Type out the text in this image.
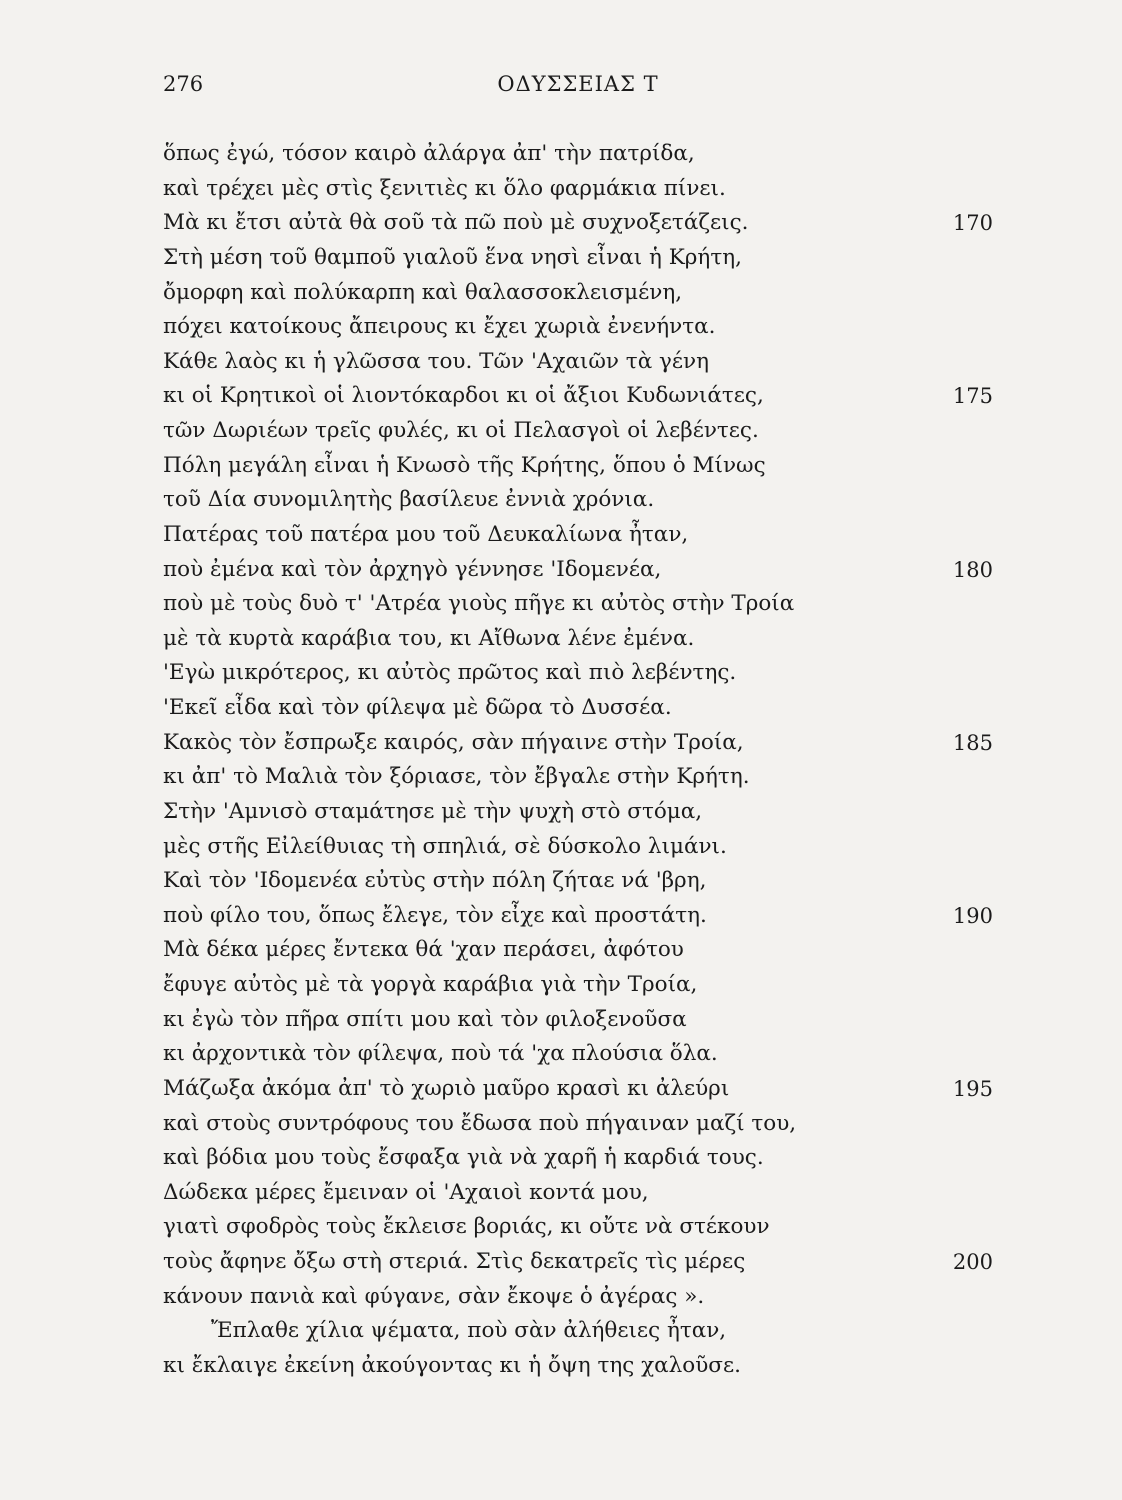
276	ΟΔΥΣΣΕΙΑΣ Τ
ὅπως ἐγώ, τόσον καιρὸ ἀλάργα ἀπ' τὴν πατρίδα,
καὶ τρέχει μὲς στὶς ξενιτιὲς κι ὅλο φαρμάκια πίνει.
Μὰ κι ἔτσι αὐτὰ θὰ σοῦ τὰ πῶ ποὺ μὲ συχνοξετάζεις.	170
Στὴ μέση τοῦ θαμποῦ γιαλοῦ ἕνα νησὶ εἶναι ἡ Κρήτη,
ὄμορφη καὶ πολύκαρπη καὶ θαλασσοκλεισμένη,
πόχει κατοίκους ἄπειρους κι ἔχει χωριὰ ἐνενήντα.
Κάθε λαὸς κι ἡ γλῶσσα του. Τῶν 'Αχαιῶν τὰ γένη
κι οἱ Κρητικοὶ οἱ λιοντόκαρδοι κι οἱ ἄξιοι Κυδωνιάτες,	175
τῶν Δωριέων τρεῖς φυλές, κι οἱ Πελασγοὶ οἱ λεβέντες.
Πόλη μεγάλη εἶναι ἡ Κνωσὸ τῆς Κρήτης, ὅπου ὁ Μίνως
τοῦ Δία συνομιλητὴς βασίλευε ἐννιὰ χρόνια.
Πατέρας τοῦ πατέρα μου τοῦ Δευκαλίωνα ἦταν,
ποὺ ἐμένα καὶ τὸν ἀρχηγὸ γέννησε 'Ιδομενέα,	180
ποὺ μὲ τοὺς δυὸ τ' 'Ατρέα γιοὺς πῆγε κι αὐτὸς στὴν Τροία
μὲ τὰ κυρτὰ καράβια του, κι Αἴθωνα λένε ἐμένα.
'Εγὼ μικρότερος, κι αὐτὸς πρῶτος καὶ πιὸ λεβέντης.
'Εκεῖ εἶδα καὶ τὸν φίλεψα μὲ δῶρα τὸ Δυσσέα.
Κακὸς τὸν ἔσπρωξε καιρός, σὰν πήγαινε στὴν Τροία,	185
κι ἀπ' τὸ Μαλιὰ τὸν ξόριασε, τὸν ἔβγαλε στὴν Κρήτη.
Στὴν 'Αμνισὸ σταμάτησε μὲ τὴν ψυχὴ στὸ στόμα,
μὲς στῆς Εἰλείθυιας τὴ σπηλιά, σὲ δύσκολο λιμάνι.
Καὶ τὸν 'Ιδομενέα εὐτὺς στὴν πόλη ζήταε νά 'βρη,
ποὺ φίλο του, ὅπως ἔλεγε, τὸν εἶχε καὶ προστάτη.	190
Μὰ δέκα μέρες ἔντεκα θά 'χαν περάσει, ἀφότου
ἔφυγε αὐτὸς μὲ τὰ γοργὰ καράβια γιὰ τὴν Τροία,
κι ἐγὼ τὸν πῆρα σπίτι μου καὶ τὸν φιλοξενοῦσα
κι ἀρχοντικὰ τὸν φίλεψα, ποὺ τά 'χα πλούσια ὅλα.
Μάζωξα ἀκόμα ἀπ' τὸ χωριὸ μαῦρο κρασὶ κι ἀλεύρι	195
καὶ στοὺς συντρόφους του ἔδωσα ποὺ πήγαιναν μαζί του,
καὶ βόδια μου τοὺς ἔσφαξα γιὰ νὰ χαρῆ ἡ καρδιά τους.
Δώδεκα μέρες ἔμειναν οἱ 'Αχαιοὶ κοντά μου,
γιατὶ σφοδρὸς τοὺς ἔκλεισε βοριάς, κι οὔτε νὰ στέκουν
τοὺς ἄφηνε ὄξω στὴ στεριά. Στὶς δεκατρεῖς τὶς μέρες	200
κάνουν πανιὰ καὶ φύγανε, σὰν ἔκοψε ὁ ἀγέρας ».
Ἔπλαθε χίλια ψέματα, ποὺ σὰν ἀλήθειες ἦταν,
κι ἔκλαιγε ἐκείνη ἀκούγοντας κι ἡ ὄψη της χαλοῦσε.
